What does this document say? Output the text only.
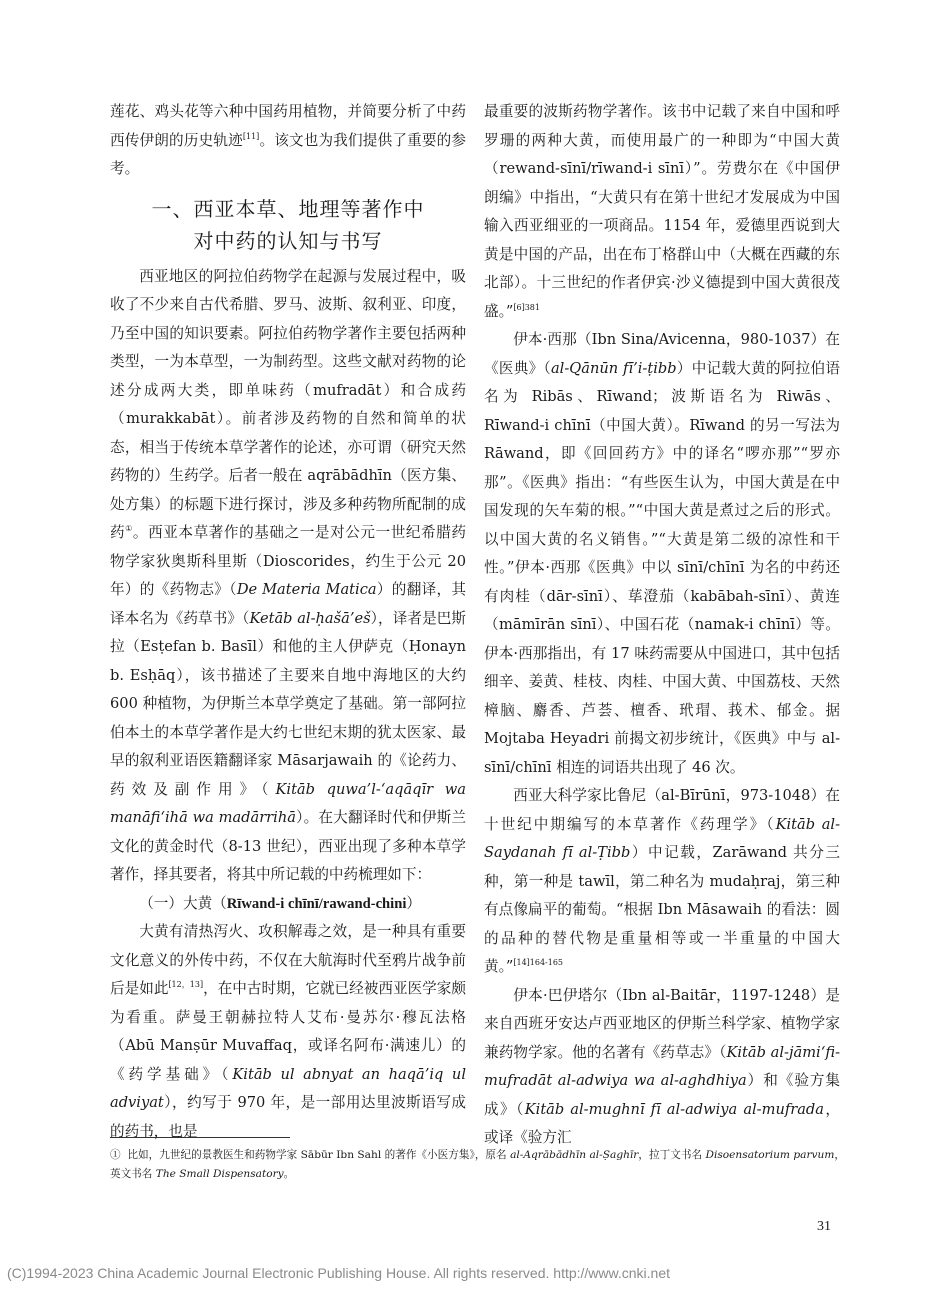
莲花、鸡头花等六种中国药用植物，并简要分析了中药西传伊朗的历史轨迹[11]。该文也为我们提供了重要的参考。

一、西亚本草、地理等著作中
对中药的认知与书写

西亚地区的阿拉伯药物学在起源与发展过程中，吸收了不少来自古代希腊、罗马、波斯、叙利亚、印度，乃至中国的知识要素。阿拉伯药物学著作主要包括两种类型，一为本草型，一为制药型。这些文献对药物的论述分成两大类，即单味药（mufradāt）和合成药（murakkabāt）。前者涉及药物的自然和简单的状态，相当于传统本草学著作的论述，亦可谓（研究天然药物的）生药学。后者一般在 aqrābādhīn（医方集、处方集）的标题下进行探讨，涉及多种药物所配制的成药①。西亚本草著作的基础之一是对公元一世纪希腊药物学家狄奥斯科里斯（Dioscorides，约生于公元 20 年）的《药物志》（De Materia Matica）的翻译，其译本名为《药草书》（Ketāb al-ḥašā’eš），译者是巴斯拉（Esṭefan b. Basīl）和他的主人伊萨克（Ḥonayn b. Esḥāq），该书描述了主要来自地中海地区的大约 600 种植物，为伊斯兰本草学奠定了基础。第一部阿拉伯本土的本草学著作是大约七世纪末期的犹太医家、最早的叙利亚语医籍翻译家 Māsarjawaih 的《论药力、药效及副作用》（Kitāb quwa’l-‘aqāqīr wa manāfi‘ihā wa madārrihā）。在大翻译时代和伊斯兰文化的黄金时代（8-13 世纪），西亚出现了多种本草学著作，择其要者，将其中所记载的中药梳理如下：

（一）大黄（Rīwand-i chīnī/rawand-chini）

大黄有清热泻火、攻积解毒之效，是一种具有重要文化意义的外传中药，不仅在大航海时代至鸦片战争前后是如此[12，13]，在中古时期，它就已经被西亚医学家颇为看重。萨曼王朝赫拉特人艾布·曼苏尔·穆瓦法格（Abū Manṣūr Muvaffaq，或译名阿布·满速儿）的《药学基础》（Kitāb ul abnyat an haqā’iq ul adviyat），约写于 970 年，是一部用达里波斯语写成的药书，也是

最重要的波斯药物学著作。该书中记载了来自中国和呼罗珊的两种大黄，而使用最广的一种即为“中国大黄（rewand-sīnī/rīwand-i sīnī）”。劳费尔在《中国伊朗编》中指出，“大黄只有在第十世纪才发展成为中国输入西亚细亚的一项商品。1154 年，爱德里西说到大黄是中国的产品，出在布丁格群山中（大概在西藏的东北部）。十三世纪的作者伊宾·沙义德提到中国大黄很茂盛。”$^{[6]381}$

伊本·西那（Ibn Sina/Avicenna，980-1037）在《医典》（al-Qānūn fī’i-ṭibb）中记载大黄的阿拉伯语名为 Ribās、Rīwand；波斯语名为 Riwās、Rīwand-i chīnī（中国大黄）。Rīwand 的另一写法为 Rāwand，即《回回药方》中的译名“啰亦那”“罗亦那”。《医典》指出：“有些医生认为，中国大黄是在中国发现的矢车菊的根。”“中国大黄是煮过之后的形式。以中国大黄的名义销售。”“大黄是第二级的凉性和干性。”伊本·西那《医典》中以 sīnī/chīnī 为名的中药还有肉桂（dār-sīnī）、荜澄茄（kabābah-sīnī）、黄连（māmīrān sīnī）、中国石花（namak-i chīnī）等。伊本·西那指出，有 17 味药需要从中国进口，其中包括细辛、姜黄、桂枝、肉桂、中国大黄、中国荔枝、天然樟脑、麝香、芦荟、檀香、玳瑁、莪术、郁金。据 Mojtaba Heyadri 前揭文初步统计，《医典》中与 al-sīnī/chīnī 相连的词语共出现了 46 次。

西亚大科学家比鲁尼（al-Bīrūnī，973-1048）在十世纪中期编写的本草著作《药理学》（Kitāb al-Saydanah fī al-Ṭibb）中记载，Zarāwand 共分三种，第一种是 tawīl，第二种名为 mudaḥraj，第三种有点像扁平的葡萄。“根据 Ibn Māsawaih 的看法：圆的品种的替代物是重量相等或一半重量的中国大黄。”$^{[14]164-165}$

伊本·巴伊塔尔（Ibn al-Baitār，1197-1248）是来自西班牙安达卢西亚地区的伊斯兰科学家、植物学家兼药物学家。他的名著有《药草志》（Kitāb al-jāmi‘fi-mufradāt al-adwiya wa al-aghdhiya）和《验方集成》（Kitāb al-mughnī fī al-adwiya al-mufrada，或译《验方汇

① 比如，九世纪的景教医生和药物学家 Sābūr Ibn Sahl 的著作《小医方集》，原名 al-Aqrābādhīn al-Ṣaghīr，拉丁文书名 Disoensatorium parvum，英文书名 The Small Dispensatory。
31
(C)1994-2023 China Academic Journal Electronic Publishing House. All rights reserved. http://www.cnki.net
